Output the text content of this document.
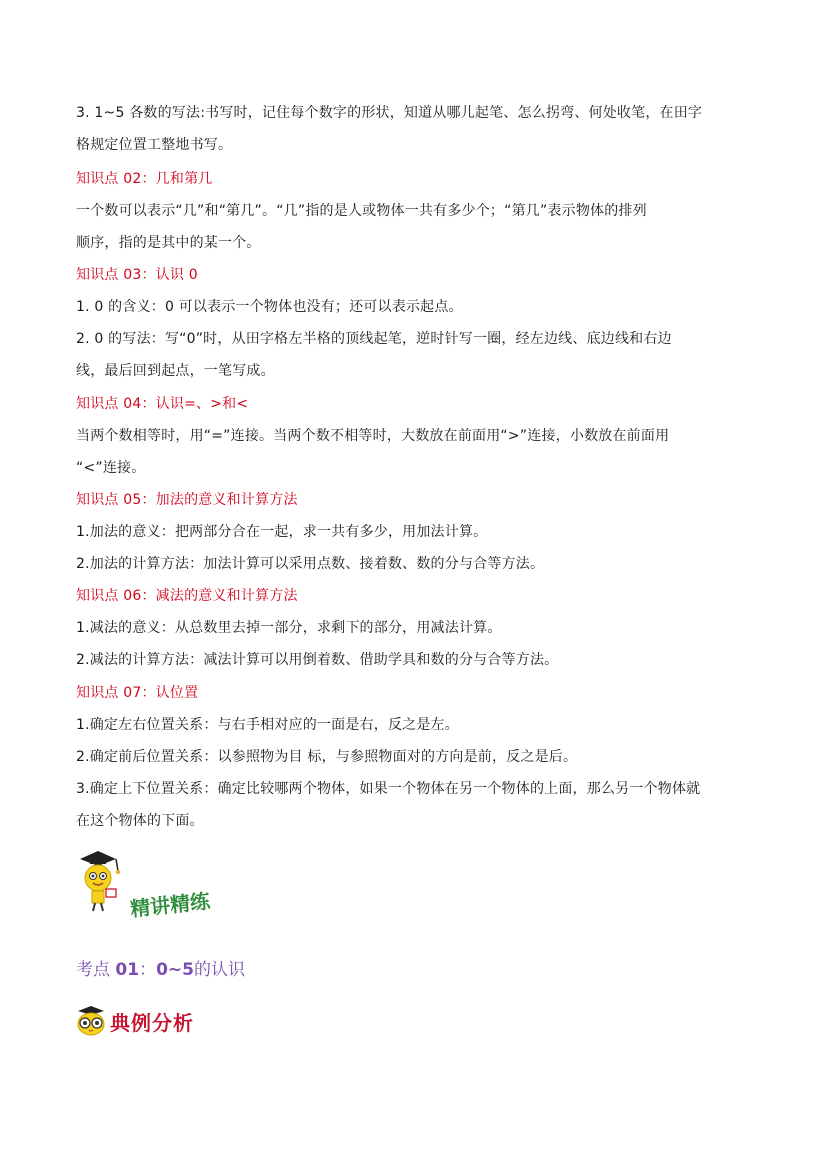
3. 1~5 各数的写法:书写时，记住每个数字的形状，知道从哪儿起笔、怎么拐弯、何处收笔，在田字
格规定位置工整地书写。
知识点 02：几和第几
一个数可以表示“几”和“第几”。“几”指的是人或物体一共有多少个；“第几”表示物体的排列
顺序，指的是其中的某一个。
知识点 03：认识 0
1. 0 的含义：0 可以表示一个物体也没有；还可以表示起点。
2. 0 的写法：写“0”时，从田字格左半格的顶线起笔，逆时针写一圈，经左边线、底边线和右边
线，最后回到起点，一笔写成。
知识点 04：认识=、>和<
当两个数相等时，用“=”连接。当两个数不相等时，大数放在前面用“>”连接，小数放在前面用
“<”连接。
知识点 05：加法的意义和计算方法
1.加法的意义：把两部分合在一起，求一共有多少，用加法计算。
2.加法的计算方法：加法计算可以采用点数、接着数、数的分与合等方法。
知识点 06：减法的意义和计算方法
1.减法的意义：从总数里去掉一部分，求剩下的部分，用减法计算。
2.减法的计算方法：减法计算可以用倒着数、借助学具和数的分与合等方法。
知识点 07：认位置
1.确定左右位置关系：与右手相对应的一面是右，反之是左。
2.确定前后位置关系：以参照物为目 标，与参照物面对的方向是前，反之是后。
3.确定上下位置关系：确定比较哪两个物体，如果一个物体在另一个物体的上面，那么另一个物体就
在这个物体的下面。
精讲精练
考点 01：0~5的认识
典例分析
